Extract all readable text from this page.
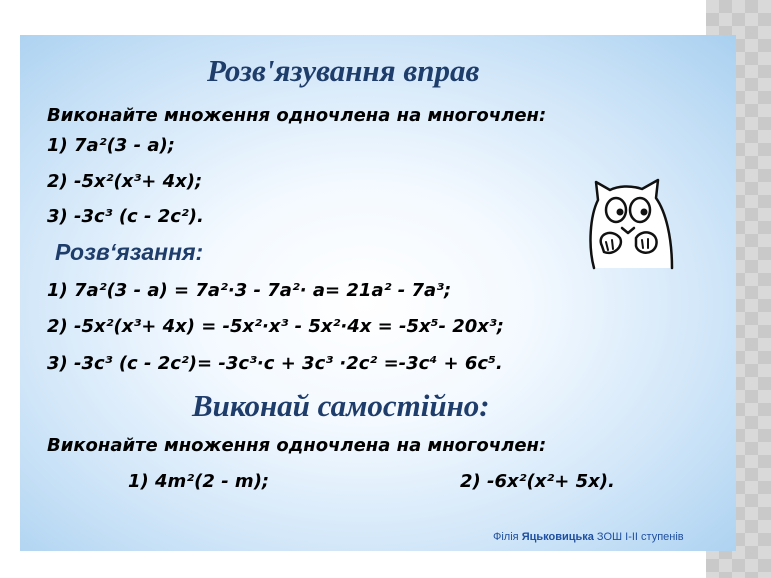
Розв'язування вправ
Виконайте множення одночлена на многочлен:
1) 7a²(3 - a);
2) -5x²(x³+ 4x);
3) -3c³ (c - 2c²).
Розв‘язання:
1) 7a²(3 - a) = 7a²·3 - 7a²· a= 21a² - 7a³;
2) -5x²(x³+ 4x) = -5x²·x³ - 5x²·4x = -5x⁵- 20x³;
3) -3c³ (c - 2c²)= -3c³·c + 3c³ ·2c² =-3c⁴ + 6c⁵.
Виконай самостійно:
Виконайте множення одночлена на многочлен:
1) 4m²(2 - m);	2) -6x²(x²+ 5x).
Філія Яцьковицька ЗОШ І-ІІ ступенів
